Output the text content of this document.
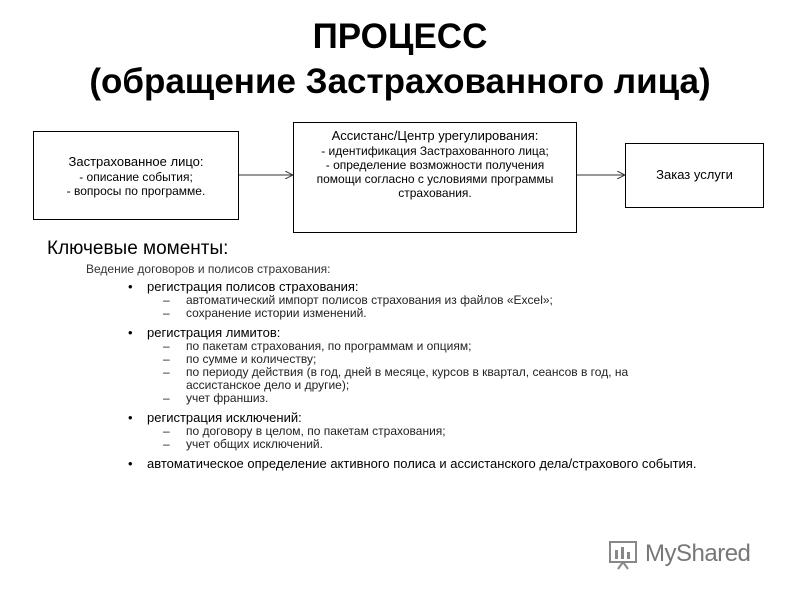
ПРОЦЕСС
(обращение Застрахованного лица)
Застрахованное лицо:
- описание события;
- вопросы по программе.
Ассистанс/Центр урегулирования:
- идентификация Застрахованного лица;
- определение возможности получения
помощи согласно с условиями программы
страхования.
Заказ услуги
Ключевые моменты:
Ведение договоров и полисов страхования:
• регистрация полисов страхования:
– автоматический импорт полисов страхования из файлов «Excel»;
– сохранение истории изменений.
• регистрация лимитов:
– по пакетам страхования, по программам и опциям;
– по сумме и количеству;
– по периоду действия (в год, дней в месяце, курсов в квартал, сеансов в год, на ассистанское дело и другие);
– учет франшиз.
• регистрация исключений:
– по договору в целом, по пакетам страхования;
– учет общих исключений.
• автоматическое определение активного полиса и ассистанского дела/страхового события.
MyShared
